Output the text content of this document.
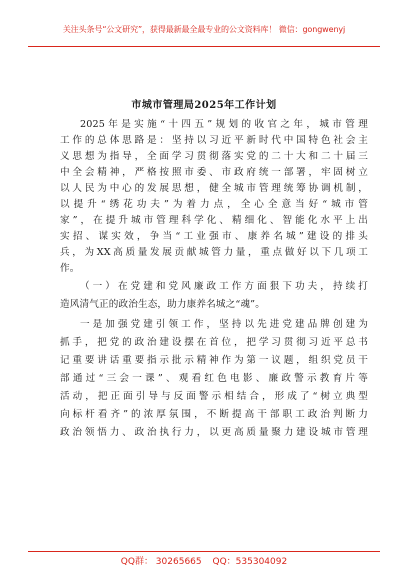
关注头条号“公文研究”，获得最新最全最专业的公文资料库！ 微信：gongwenyj
市城市管理局2025年工作计划
2025年是实施“十四五”规划的收官之年，城市管理
工作的总体思路是：坚持以习近平新时代中国特色社会主
义思想为指导，全面学习贯彻落实党的二十大和二十届三
中全会精神，严格按照市委、市政府统一部署，牢固树立
以人民为中心的发展思想，健全城市管理统筹协调机制，
以提升“绣花功夫”为着力点，全心全意当好“城市管
家”，在提升城市管理科学化、精细化、智能化水平上出
实招、谋实效，争当“工业强市、康养名城”建设的排头
兵，为XX高质量发展贡献城管力量，重点做好以下几项工
作。
（一）在党建和党风廉政工作方面狠下功夫，持续打
造风清气正的政治生态，助力康养名城之“魂”。
一是加强党建引领工作，坚持以先进党建品牌创建为
抓手，把党的政治建设摆在首位，把学习贯彻习近平总书
记重要讲话重要指示批示精神作为第一议题，组织党员干
部通过“三会一课”、观看红色电影、廉政警示教育片等
活动，把正面引导与反面警示相结合，形成了“树立典型
向标杆看齐”的浓厚氛围，不断提高干部职工政治判断力
政治领悟力、政治执行力，以更高质量聚力建设城市管理
QQ群： 30265665 QQ：535304092
